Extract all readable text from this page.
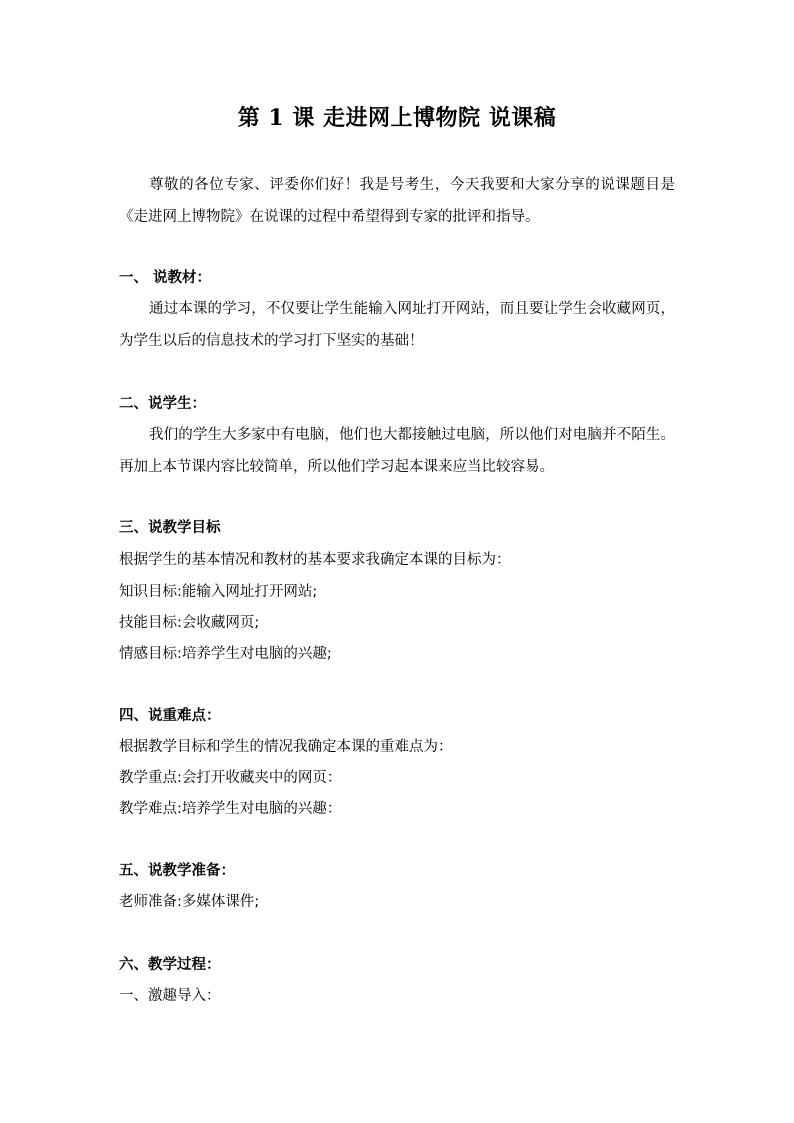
第 1 课 走进网上博物院 说课稿
尊敬的各位专家、评委你们好！我是号考生，今天我要和大家分享的说课题目是《走进网上博物院》在说课的过程中希望得到专家的批评和指导。
一、 说教材：
通过本课的学习，不仅要让学生能输入网址打开网站，而且要让学生会收藏网页，为学生以后的信息技术的学习打下坚实的基础！
二、说学生：
我们的学生大多家中有电脑，他们也大都接触过电脑，所以他们对电脑并不陌生。再加上本节课内容比较简单，所以他们学习起本课来应当比较容易。
三、说教学目标
根据学生的基本情况和教材的基本要求我确定本课的目标为：
知识目标:能输入网址打开网站;
技能目标:会收藏网页;
情感目标:培养学生对电脑的兴趣;
四、说重难点：
根据教学目标和学生的情况我确定本课的重难点为：
教学重点:会打开收藏夹中的网页：
教学难点:培养学生对电脑的兴趣：
五、说教学准备：
老师准备:多媒体课件;
六、教学过程：
一、激趣导入：
